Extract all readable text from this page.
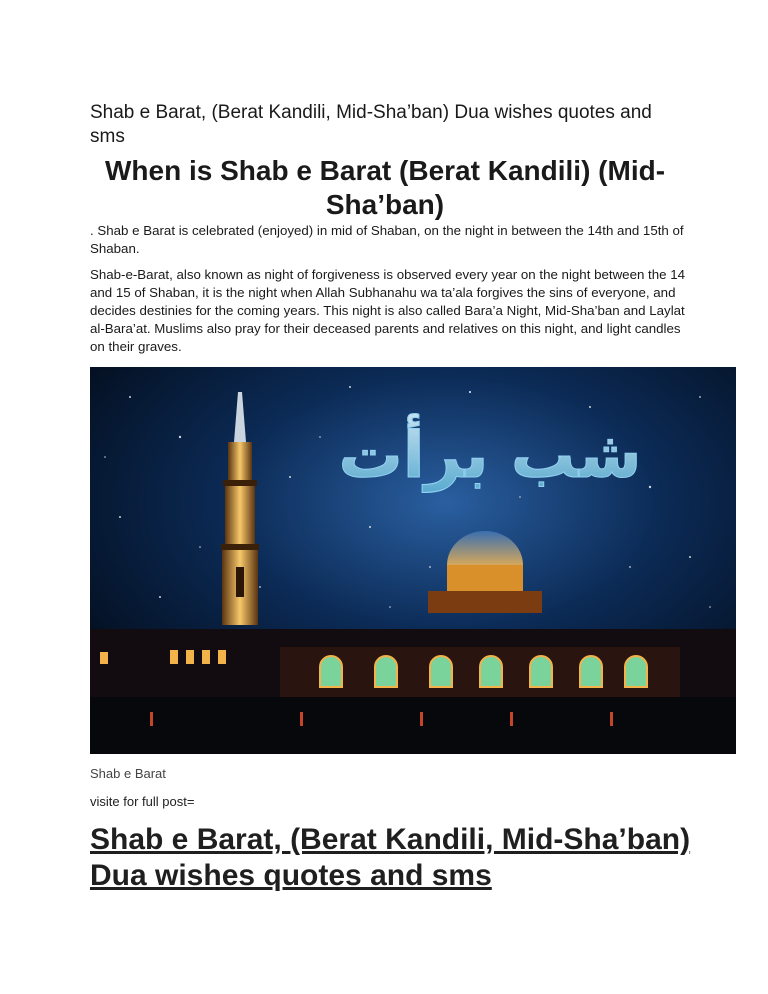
Shab e Barat, (Berat Kandili, Mid-Sha’ban) Dua wishes quotes and sms
When is Shab e Barat (Berat Kandili) (Mid-Sha’ban)

. Shab e Barat is celebrated (enjoyed) in mid of Shaban, on the night in between the 14th and 15th of Shaban.

Shab-e-Barat, also known as night of forgiveness is observed every year on the night between the 14 and 15 of Shaban, it is the night when Allah Subhanahu wa ta’ala forgives the sins of everyone, and decides destinies for the coming years. This night is also called Bara’a Night, Mid-Sha’ban and Laylat al-Bara’at. Muslims also pray for their deceased parents and relatives on this night, and light candles on their graves.

شب برأت

Shab e Barat

visite for full post=

Shab e Barat, (Berat Kandili, Mid-Sha’ban) Dua wishes quotes and sms
